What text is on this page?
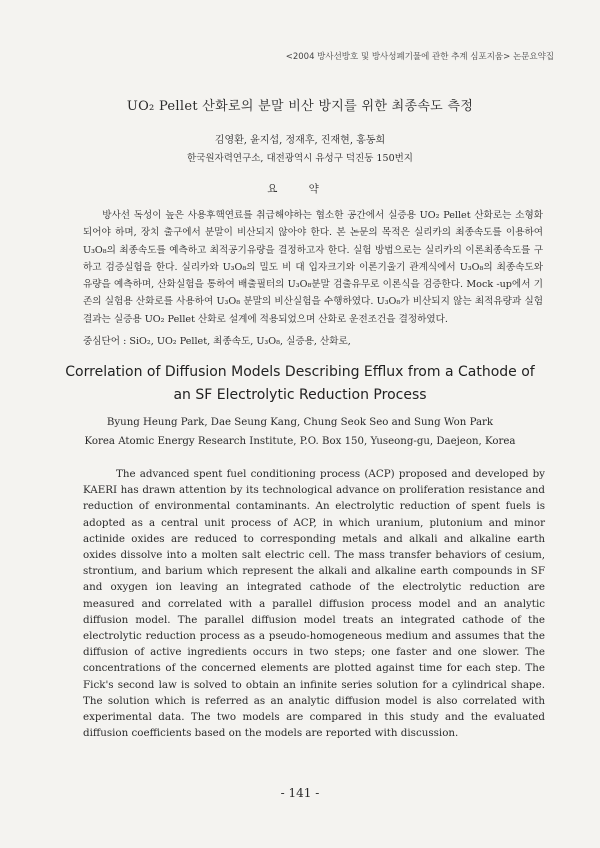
<2004 방사선방호 및 방사성폐기물에 관한 추계 심포지움> 논문요약집
UO₂ Pellet 산화로의 분말 비산 방지를 위한 최종속도 측정
김영환, 윤지섭, 정재후, 진재현, 홍동희
한국원자력연구소, 대전광역시 유성구 덕진동 150번지
요 약

방사선 독성이 높은 사용후핵연료를 취급해야하는 협소한 공간에서 실증용 UO₂ Pellet 산화로는 소형화되어야 하며, 장치 출구에서 분말이 비산되지 않아야 한다. 본 논문의 목적은 실리카의 최종속도를 이용하여 U₃O₈의 최종속도를 예측하고 최적공기유량을 결정하고자 한다. 실험 방법으로는 실리카의 이론최종속도를 구하고 검증실험을 한다. 실리카와 U₃O₈의 밀도 비 대 입자크기와 이론기울기 관계식에서 U₃O₈의 최종속도와 유량을 예측하며, 산화실험을 통하여 배출필터의 U₃O₈분말 검출유무로 이론식을 검증한다. Mock -up에서 기존의 실험용 산화로를 사용하여 U₃O₈ 분말의 비산실험을 수행하였다. U₃O₈가 비산되지 않는 최적유량과 실험결과는 실증용 UO₂ Pellet 산화로 설계에 적용되었으며 산화로 운전조건을 결정하였다.

중심단어 : SiO₂, UO₂ Pellet, 최종속도, U₃O₈, 실증용, 산화로,
Correlation of Diffusion Models Describing Efflux from a Cathode of an SF Electrolytic Reduction Process
Byung Heung Park, Dae Seung Kang, Chung Seok Seo and Sung Won Park
Korea Atomic Energy Research Institute, P.O. Box 150, Yuseong-gu, Daejeon, Korea

The advanced spent fuel conditioning process (ACP) proposed and developed by KAERI has drawn attention by its technological advance on proliferation resistance and reduction of environmental contaminants. An electrolytic reduction of spent fuels is adopted as a central unit process of ACP, in which uranium, plutonium and minor actinide oxides are reduced to corresponding metals and alkali and alkaline earth oxides dissolve into a molten salt electric cell. The mass transfer behaviors of cesium, strontium, and barium which represent the alkali and alkaline earth compounds in SF and oxygen ion leaving an integrated cathode of the electrolytic reduction are measured and correlated with a parallel diffusion process model and an analytic diffusion model. The parallel diffusion model treats an integrated cathode of the electrolytic reduction process as a pseudo-homogeneous medium and assumes that the diffusion of active ingredients occurs in two steps; one faster and one slower. The concentrations of the concerned elements are plotted against time for each step. The Fick's second law is solved to obtain an infinite series solution for a cylindrical shape. The solution which is referred as an analytic diffusion model is also correlated with experimental data. The two models are compared in this study and the evaluated diffusion coefficients based on the models are reported with discussion.

- 141 -
